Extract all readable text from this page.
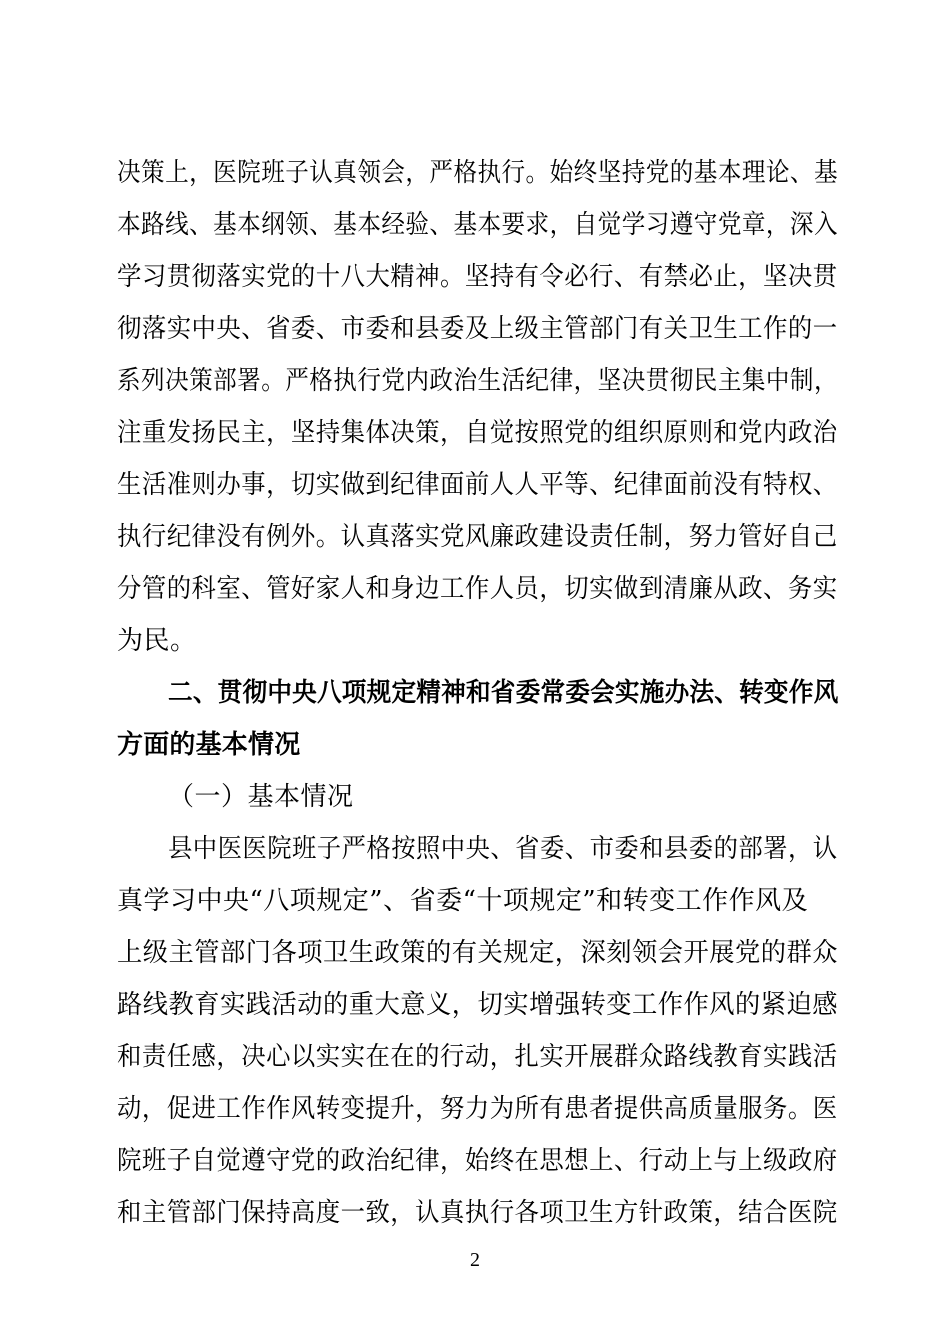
决策上，医院班子认真领会，严格执行。始终坚持党的基本理论、基
本路线、基本纲领、基本经验、基本要求，自觉学习遵守党章，深入
学习贯彻落实党的十八大精神。坚持有令必行、有禁必止，坚决贯
彻落实中央、省委、市委和县委及上级主管部门有关卫生工作的一
系列决策部署。严格执行党内政治生活纪律，坚决贯彻民主集中制，
注重发扬民主，坚持集体决策，自觉按照党的组织原则和党内政治
生活准则办事，切实做到纪律面前人人平等、纪律面前没有特权、
执行纪律没有例外。认真落实党风廉政建设责任制，努力管好自己
分管的科室、管好家人和身边工作人员，切实做到清廉从政、务实
为民。
二、贯彻中央八项规定精神和省委常委会实施办法、转变作风
方面的基本情况
（一）基本情况
县中医医院班子严格按照中央、省委、市委和县委的部署，认
真学习中央“八项规定”、省委“十项规定”和转变工作作风及
上级主管部门各项卫生政策的有关规定，深刻领会开展党的群众
路线教育实践活动的重大意义，切实增强转变工作作风的紧迫感
和责任感，决心以实实在在的行动，扎实开展群众路线教育实践活
动，促进工作作风转变提升，努力为所有患者提供高质量服务。医
院班子自觉遵守党的政治纪律，始终在思想上、行动上与上级政府
和主管部门保持高度一致，认真执行各项卫生方针政策，结合医院
2
